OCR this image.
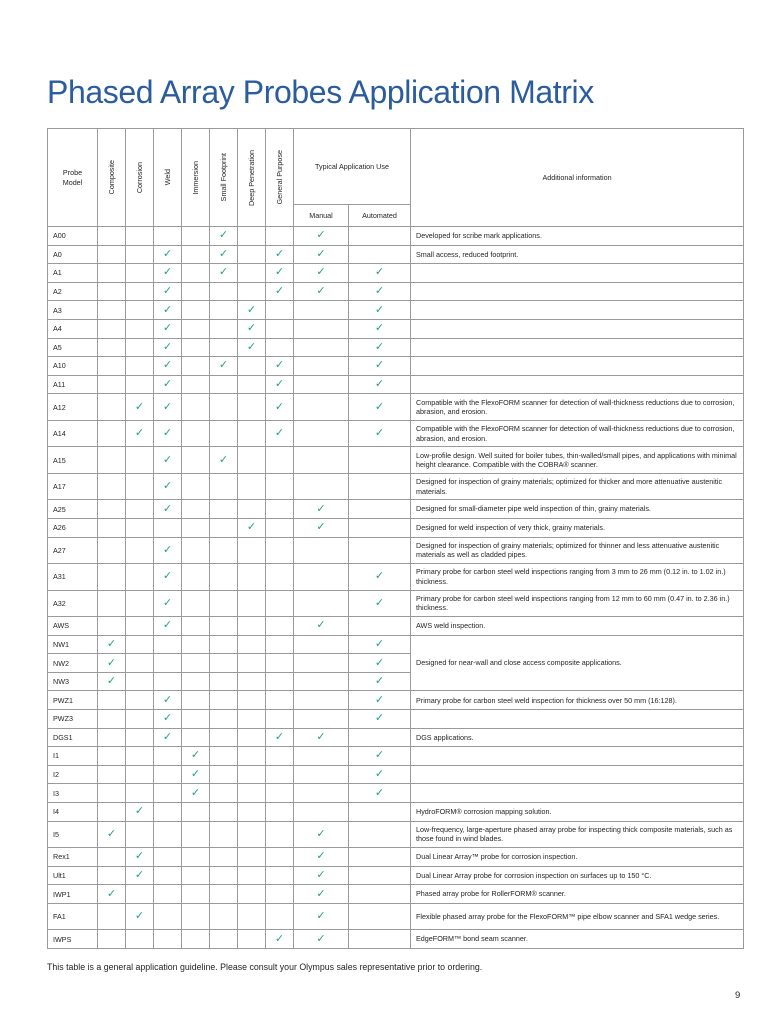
Phased Array Probes Application Matrix
Probe Model	Composite	Corrosion	Weld	Immersion	Small Footprint	Deep Penetration	General Purpose	Typical Application Use		Additional information
								Manual	Automated	
A00					✓			✓		Developed for scribe mark applications.
A0			✓		✓		✓	✓		Small access, reduced footprint.
A1			✓		✓		✓	✓	✓	
A2			✓				✓	✓	✓	
A3			✓			✓			✓	
A4			✓			✓			✓	
A5			✓			✓			✓	
A10			✓		✓		✓		✓	
A11			✓				✓		✓	
A12		✓	✓				✓		✓	Compatible with the FlexoFORM scanner for detection of wall-thickness reductions due to corrosion, abrasion, and erosion.
A14		✓	✓				✓		✓	Compatible with the FlexoFORM scanner for detection of wall-thickness reductions due to corrosion, abrasion, and erosion.
A15			✓		✓					Low-profile design. Well suited for boiler tubes, thin-walled/small pipes, and applications with minimal height clearance. Compatible with the COBRA® scanner.
A17			✓							Designed for inspection of grainy materials; optimized for thicker and more attenuative austenitic materials.
A25			✓					✓		Designed for small-diameter pipe weld inspection of thin, grainy materials.
A26						✓		✓		Designed for weld inspection of very thick, grainy materials.
A27			✓							Designed for inspection of grainy materials; optimized for thinner and less attenuative austenitic materials as well as cladded pipes.
A31			✓						✓	Primary probe for carbon steel weld inspections ranging from 3 mm to 26 mm (0.12 in. to 1.02 in.) thickness.
A32			✓						✓	Primary probe for carbon steel weld inspections ranging from 12 mm to 60 mm (0.47 in. to 2.36 in.) thickness.
AWS			✓					✓		AWS weld inspection.
NW1	✓								✓	Designed for near-wall and close access composite applications.
NW2	✓								✓	
NW3	✓								✓	
PWZ1			✓						✓	Primary probe for carbon steel weld inspection for thickness over 50 mm (16:128).
PWZ3			✓						✓	
DGS1			✓				✓	✓		DGS applications.
I1				✓					✓	
I2				✓					✓	
I3				✓					✓	
I4		✓								HydroFORM® corrosion mapping solution.
I5	✓							✓		Low-frequency, large-aperture phased array probe for inspecting thick composite materials, such as those found in wind blades.
Rex1		✓						✓		Dual Linear Array™ probe for corrosion inspection.
Ult1		✓						✓		Dual Linear Array probe for corrosion inspection on surfaces up to 150 °C.
IWP1	✓							✓		Phased array probe for RollerFORM® scanner.
FA1		✓						✓		Flexible phased array probe for the FlexoFORM™ pipe elbow scanner and SFA1 wedge series.
IWPS							✓	✓		EdgeFORM™ bond seam scanner.

This table is a general application guideline. Please consult your Olympus sales representative prior to ordering.

9
